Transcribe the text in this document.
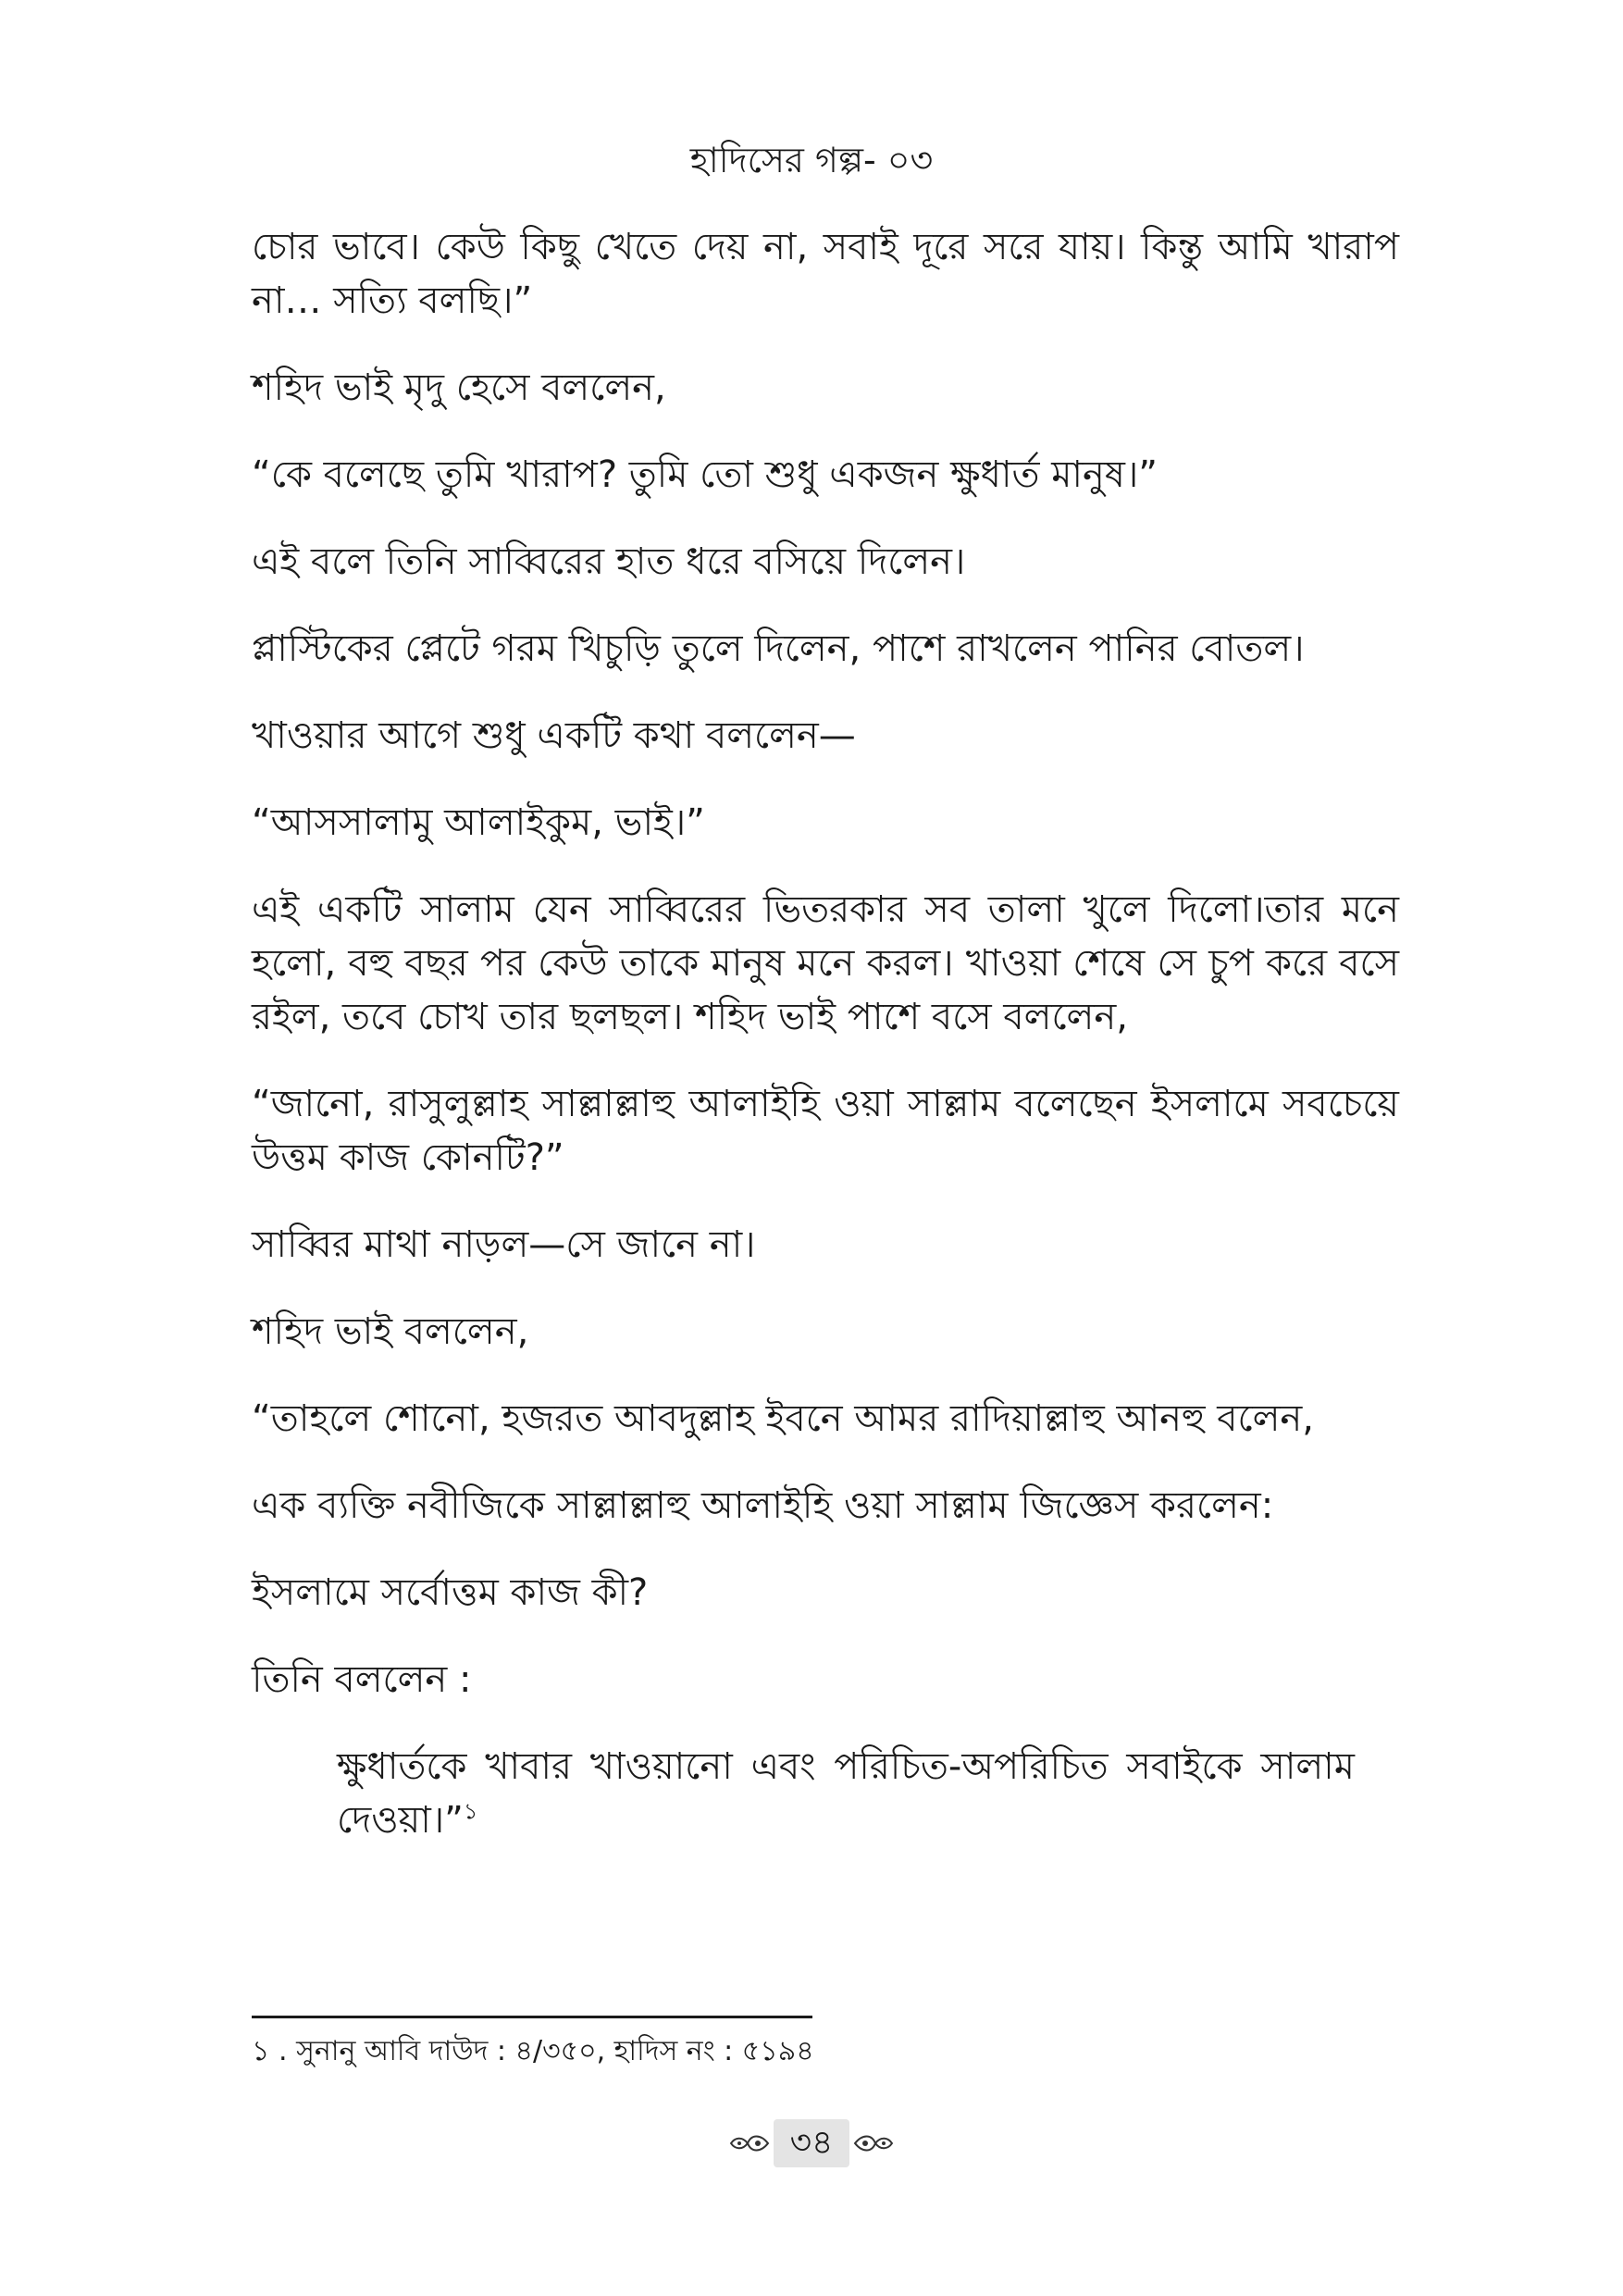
হাদিসের গল্প- ০৩

চোর ভাবে। কেউ কিছু খেতে দেয় না, সবাই দূরে সরে যায়। কিন্তু আমি খারাপ না… সত্যি বলছি।”

শহিদ ভাই মৃদু হেসে বললেন,

“কে বলেছে তুমি খারাপ? তুমি তো শুধু একজন ক্ষুধার্ত মানুষ।”

এই বলে তিনি সাব্বিরের হাত ধরে বসিয়ে দিলেন।

প্লাস্টিকের প্লেটে গরম খিচুড়ি তুলে দিলেন, পাশে রাখলেন পানির বোতল।

খাওয়ার আগে শুধু একটি কথা বললেন—

“আসসালামু আলাইকুম, ভাই।”

এই একটি সালাম যেন সাব্বিরের ভিতরকার সব তালা খুলে দিলো।তার মনে হলো, বহু বছর পর কেউ তাকে মানুষ মনে করল। খাওয়া শেষে সে চুপ করে বসে রইল, তবে চোখ তার ছলছল। শহিদ ভাই পাশে বসে বললেন,

“জানো, রাসুলুল্লাহ সাল্লাল্লাহু আলাইহি ওয়া সাল্লাম বলেছেন ইসলামে সবচেয়ে উত্তম কাজ কোনটি?”

সাব্বির মাথা নাড়ল—সে জানে না।

শহিদ ভাই বললেন,

“তাহলে শোনো, হজরত আবদুল্লাহ ইবনে আমর রাদিয়াল্লাহু আনহু বলেন,

এক ব্যক্তি নবীজিকে সাল্লাল্লাহু আলাইহি ওয়া সাল্লাম জিজ্ঞেস করলেন:

ইসলামে সর্বোত্তম কাজ কী?

তিনি বললেন :

ক্ষুধার্তকে খাবার খাওয়ানো এবং পরিচিত-অপরিচিত সবাইকে সালাম দেওয়া।”$^১$

১ . সুনানু আবি দাউদ : ৪/৩৫০, হাদিস নং : ৫১৯৪
৩৪
